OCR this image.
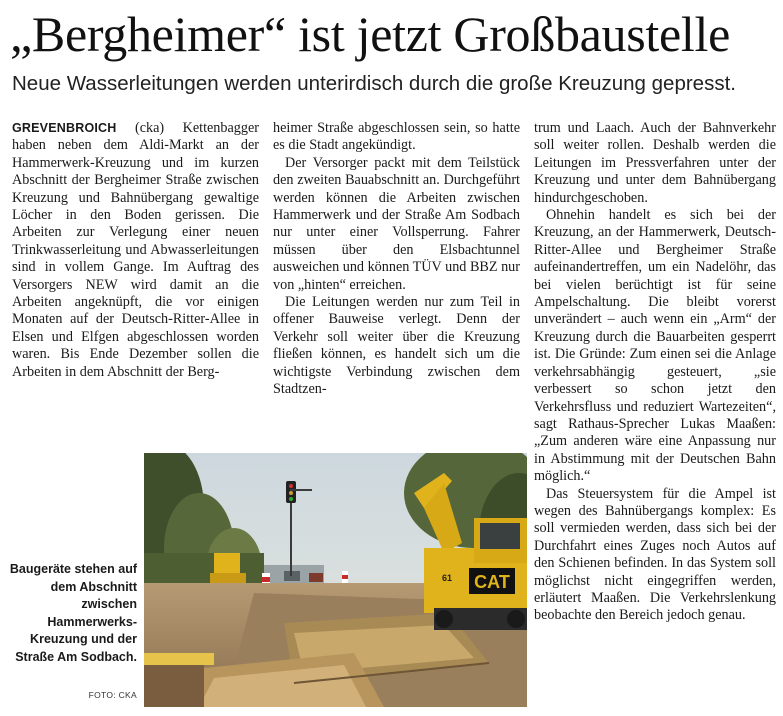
„Bergheimer“ ist jetzt Großbaustelle
Neue Wasserleitungen werden unterirdisch durch die große Kreuzung gepresst.

GREVENBROICH (cka) Kettenbagger haben neben dem Aldi-Markt an der Hammerwerk-Kreuzung und im kurzen Abschnitt der Bergheimer Straße zwischen Kreuzung und Bahnübergang gewaltige Löcher in den Boden gerissen. Die Arbeiten zur Verlegung einer neuen Trinkwasserleitung und Abwasserleitungen sind in vollem Gange. Im Auftrag des Versorgers NEW wird damit an die Arbeiten angeknüpft, die vor einigen Monaten auf der Deutsch-Ritter-Allee in Elsen und Elfgen abgeschlossen worden waren. Bis Ende Dezember sollen die Arbeiten in dem Abschnitt der Berg-

heimer Straße abgeschlossen sein, so hatte es die Stadt angekündigt.

Der Versorger packt mit dem Teilstück den zweiten Bauabschnitt an. Durchgeführt werden können die Arbeiten zwischen Hammerwerk und der Straße Am Sodbach nur unter einer Vollsperrung. Fahrer müssen über den Elsbachtunnel ausweichen und können TÜV und BBZ nur von „hinten“ erreichen.

Die Leitungen werden nur zum Teil in offener Bauweise verlegt. Denn der Verkehr soll weiter über die Kreuzung fließen können, es handelt sich um die wichtigste Verbindung zwischen dem Stadtzen-

trum und Laach. Auch der Bahnverkehr soll weiter rollen. Deshalb werden die Leitungen im Pressverfahren unter der Kreuzung und unter dem Bahnübergang hindurchgeschoben.

Ohnehin handelt es sich bei der Kreuzung, an der Hammerwerk, Deutsch-Ritter-Allee und Bergheimer Straße aufeinandertreffen, um ein Nadelöhr, das bei vielen berüchtigt ist für seine Ampelschaltung. Die bleibt vorerst unverändert – auch wenn ein „Arm“ der Kreuzung durch die Bauarbeiten gesperrt ist. Die Gründe: Zum einen sei die Anlage verkehrsabhängig gesteuert, „sie verbessert so schon jetzt den Verkehrsfluss und reduziert Wartezeiten“, sagt Rathaus-Sprecher Lukas Maaßen: „Zum anderen wäre eine Anpassung nur in Abstimmung mit der Deutschen Bahn möglich.“

Das Steuersystem für die Ampel ist wegen des Bahnübergangs komplex: Es soll vermieden werden, dass sich bei der Durchfahrt eines Zuges noch Autos auf den Schienen befinden. In das System soll möglichst nicht eingegriffen werden, erläutert Maaßen. Die Verkehrslenkung beobachte den Bereich jedoch genau.

CAT
61
Baugeräte stehen auf dem Abschnitt zwischen Hammerwerks-Kreuzung und der Straße Am Sodbach.
FOTO: CKA
